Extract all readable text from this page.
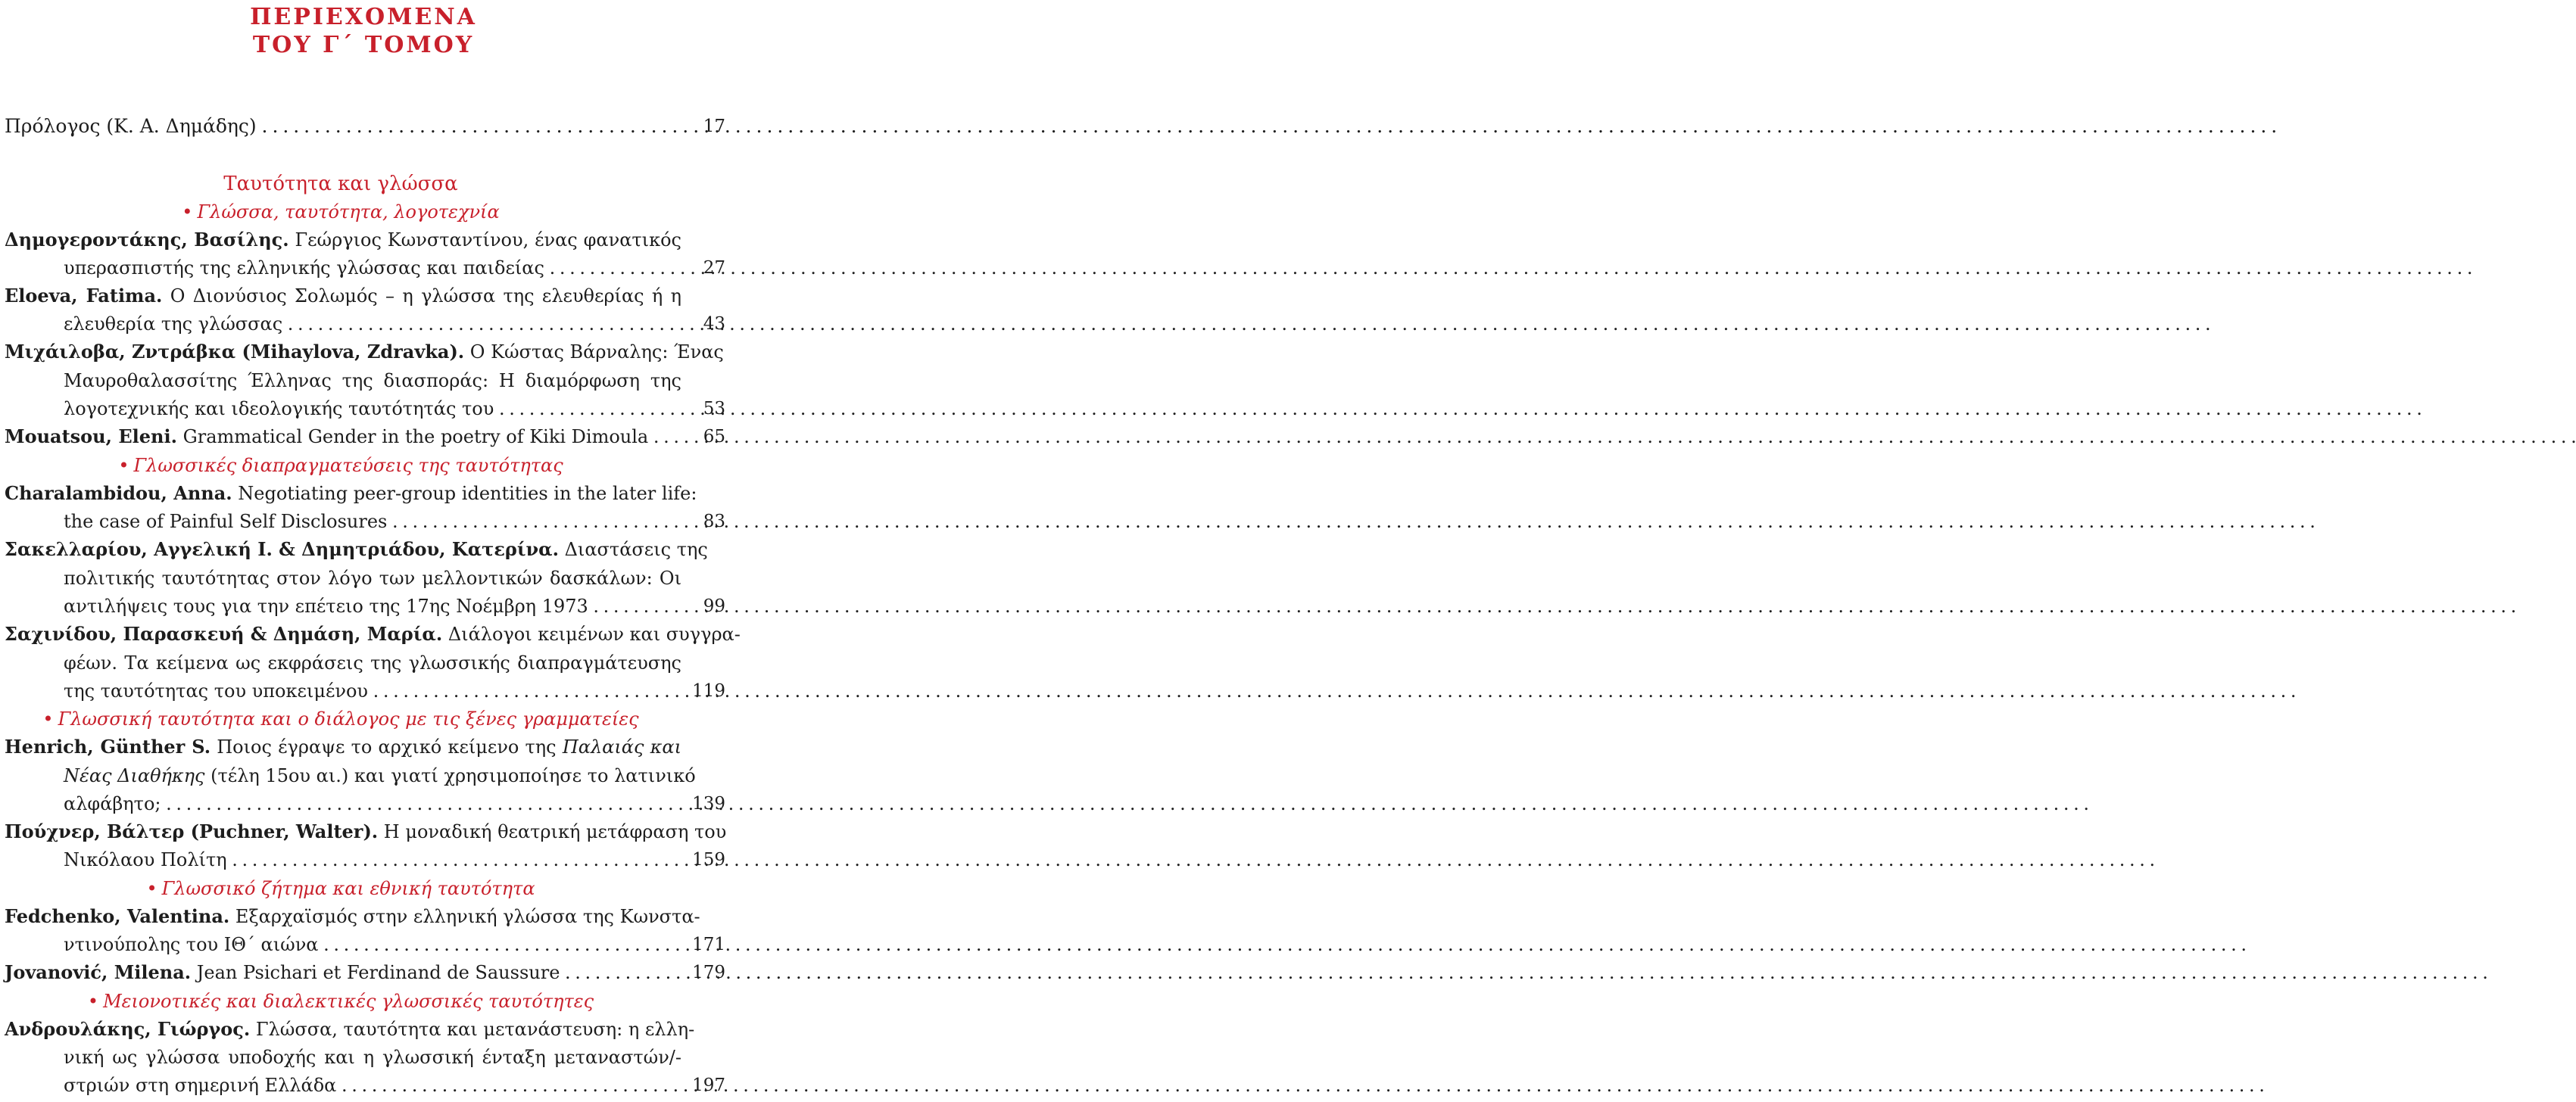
ΠΕΡΙΕΧΟΜΕΝΑ
ΤΟΥ Γ΄ ΤΟΜΟΥ
Πρόλογος (Κ. Α. Δημάδης) . . .	17
Ταυτότητα και γλώσσα
• Γλώσσα, ταυτότητα, λογοτεχνία
Δημογεροντάκης, Βασίλης. Γεώργιος Κωνσταντίνου, ένας φανατικός
υπερασπιστής της ελληνικής γλώσσας και παιδείας . . .	27
Eloeva, Fatima. Ο Διονύσιος Σολωμός – η γλώσσα της ελευθερίας ή η
ελευθερία της γλώσσας . . .	43
Μιχάιλοβα, Ζντράβκα (Mihaylova, Zdravka). Ο Κώστας Βάρναλης: Ένας
Μαυροθαλασσίτης Έλληνας της διασποράς: Η διαμόρφωση της
λογοτεχνικής και ιδεολογικής ταυτότητάς του . . .	53
Mouatsou, Eleni. Grammatical Gender in the poetry of Kiki Dimoula . . .	65
• Γλωσσικές διαπραγματεύσεις της ταυτότητας
Charalambidou, Anna. Negotiating peer-group identities in the later life:
the case of Painful Self Disclosures . . .	83
Σακελλαρίου, Αγγελική Ι. & Δημητριάδου, Κατερίνα. Διαστάσεις της
πολιτικής ταυτότητας στον λόγο των μελλοντικών δασκάλων: Οι
αντιλήψεις τους για την επέτειο της 17ης Νοέμβρη 1973 . . .	99
Σαχινίδου, Παρασκευή & Δημάση, Μαρία. Διάλογοι κειμένων και συγγρα-
φέων. Τα κείμενα ως εκφράσεις της γλωσσικής διαπραγμάτευσης
της ταυτότητας του υποκειμένου . . .	119
• Γλωσσική ταυτότητα και ο διάλογος με τις ξένες γραμματείες
Henrich, Günther S. Ποιος έγραψε το αρχικό κείμενο της Παλαιάς και
Νέας Διαθήκης (τέλη 15ου αι.) και γιατί χρησιμοποίησε το λατινικό
αλφάβητο; . . .	139
Πούχνερ, Βάλτερ (Puchner, Walter). Η μοναδική θεατρική μετάφραση του
Νικόλαου Πολίτη . . .	159
• Γλωσσικό ζήτημα και εθνική ταυτότητα
Fedchenko, Valentina. Εξαρχαϊσμός στην ελληνική γλώσσα της Κωνστα-
ντινούπολης του ΙΘ΄ αιώνα . . .	171
Jovanović, Milena. Jean Psichari et Ferdinand de Saussure . . .	179
• Μειονοτικές και διαλεκτικές γλωσσικές ταυτότητες
Ανδρουλάκης, Γιώργος. Γλώσσα, ταυτότητα και μετανάστευση: η ελλη-
νική ως γλώσσα υποδοχής και η γλωσσική ένταξη μεταναστών/-
στριών στη σημερινή Ελλάδα . . .	197
